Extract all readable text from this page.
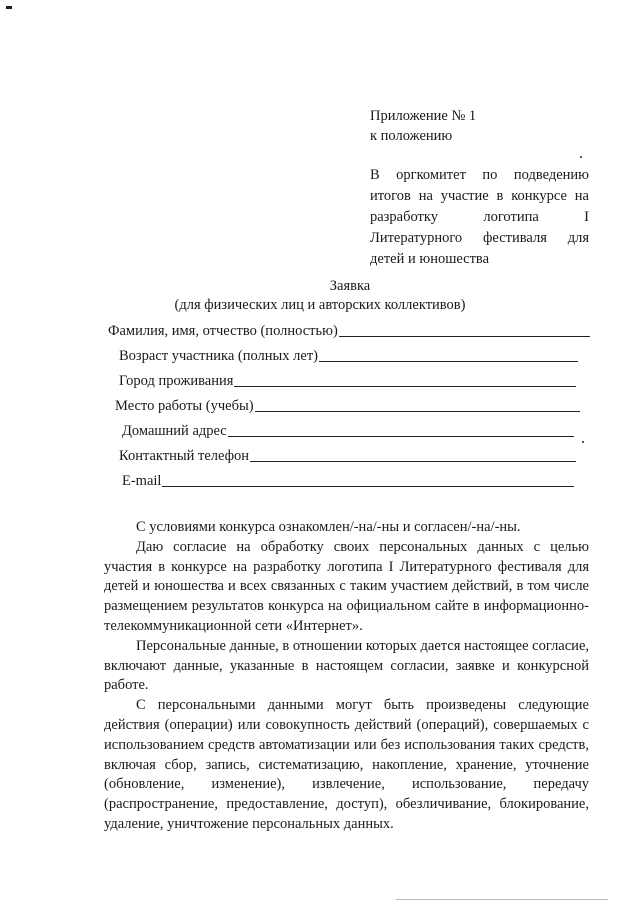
Приложение № 1
к положению
В оргкомитет по подведению
итогов на участие в конкурсе на
разработку логотипа I
Литературного фестиваля для
детей и юношества
Заявка
(для физических лиц и авторских коллективов)
Фамилия, имя, отчество (полностью)
Возраст участника (полных лет)
Город проживания
Место работы (учебы)
Домашний адрес
Контактный телефон
E-mail

С условиями конкурса ознакомлен/-на/-ны и согласен/-на/-ны.

Даю согласие на обработку своих персональных данных с целью участия в конкурсе на разработку логотипа I Литературного фестиваля для детей и юношества и всех связанных с таким участием действий, в том числе размещением результатов конкурса на официальном сайте в информационно-телекоммуникационной сети «Интернет».

Персональные данные, в отношении которых дается настоящее согласие, включают данные, указанные в настоящем согласии, заявке и конкурсной работе.

С персональными данными могут быть произведены следующие действия (операции) или совокупность действий (операций), совершаемых с использованием средств автоматизации или без использования таких средств, включая сбор, запись, систематизацию, накопление, хранение, уточнение (обновление, изменение), извлечение, использование, передачу (распространение, предоставление, доступ), обезличивание, блокирование, удаление, уничтожение персональных данных.
